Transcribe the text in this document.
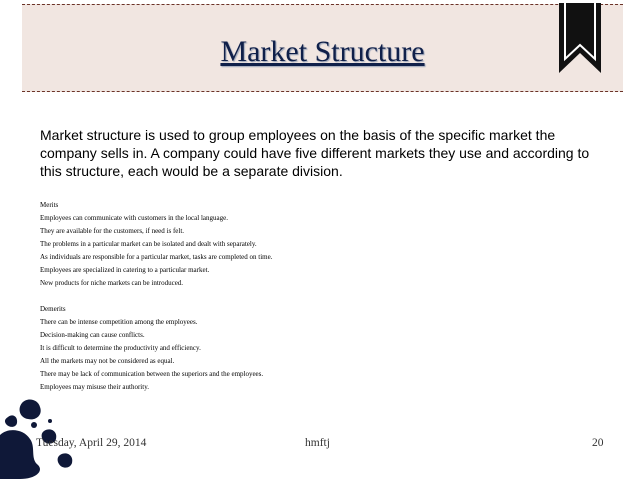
Market Structure
Market structure is used to group employees on the basis of the specific market the company sells in. A company could have five different markets they use and according to this structure, each would be a separate division.
Merits
Employees can communicate with customers in the local language.
They are available for the customers, if need is felt.
The problems in a particular market can be isolated and dealt with separately.
As individuals are responsible for a particular market, tasks are completed on time.
Employees are specialized in catering to a particular market.
New products for niche markets can be introduced.
Demerits
There can be intense competition among the employees.
Decision-making can cause conflicts.
It is difficult to determine the productivity and efficiency.
All the markets may not be considered as equal.
There may be lack of communication between the superiors and the employees.
Employees may misuse their authority.
Tuesday, April 29, 2014	hmftj	20
